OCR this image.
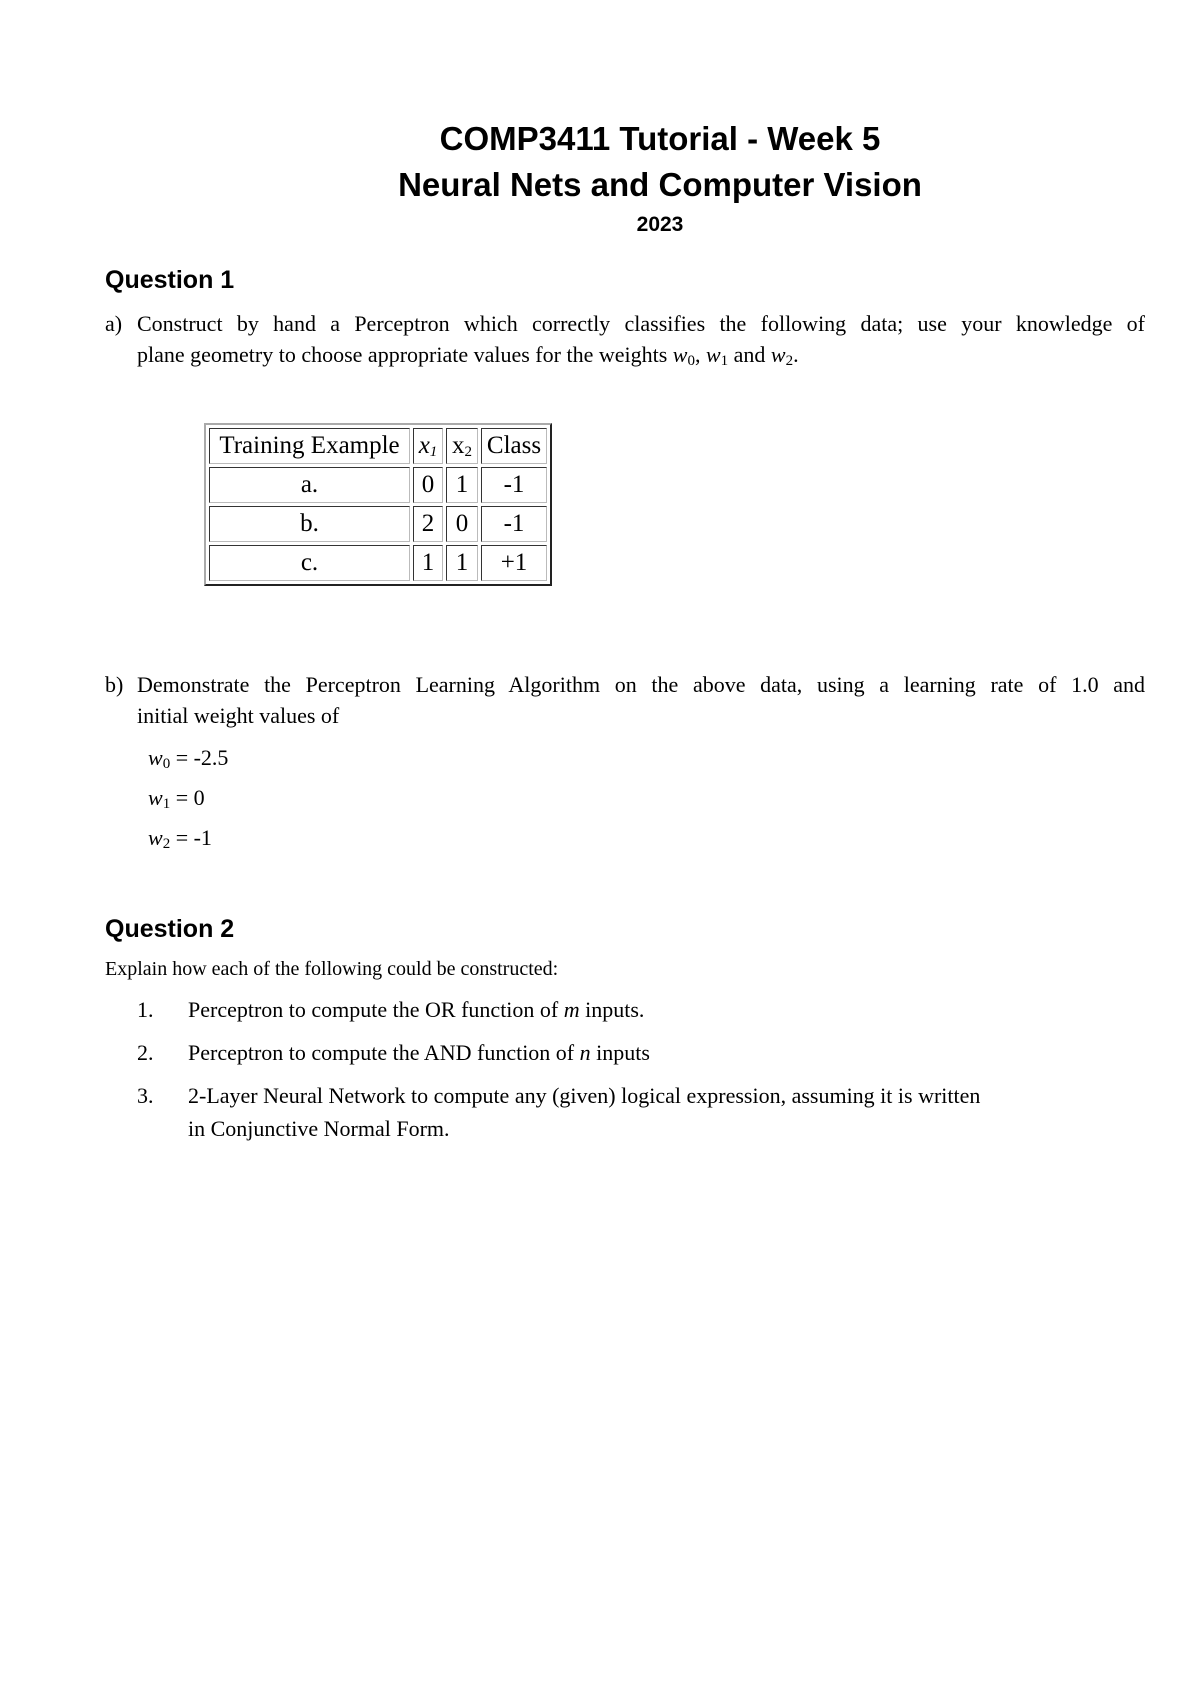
COMP3411 Tutorial - Week 5
Neural Nets and Computer Vision
2023
Question 1
a) Construct by hand a Perceptron which correctly classifies the following data; use your knowledge of
plane geometry to choose appropriate values for the weights $w_0$, $w_1$ and $w_2$.
Training Example	$x_1$	$x_2$	Class
a.	0	1	-1
b.	2	0	-1
c.	1	1	+1
b) Demonstrate the Perceptron Learning Algorithm on the above data, using a learning rate of 1.0 and
initial weight values of
$w_0 = -2.5$
$w_1 = 0$
$w_2 = -1$
Question 2
Explain how each of the following could be constructed:
1. Perceptron to compute the OR function of m inputs.
2. Perceptron to compute the AND function of n inputs
3. 2-Layer Neural Network to compute any (given) logical expression, assuming it is written
in Conjunctive Normal Form.
